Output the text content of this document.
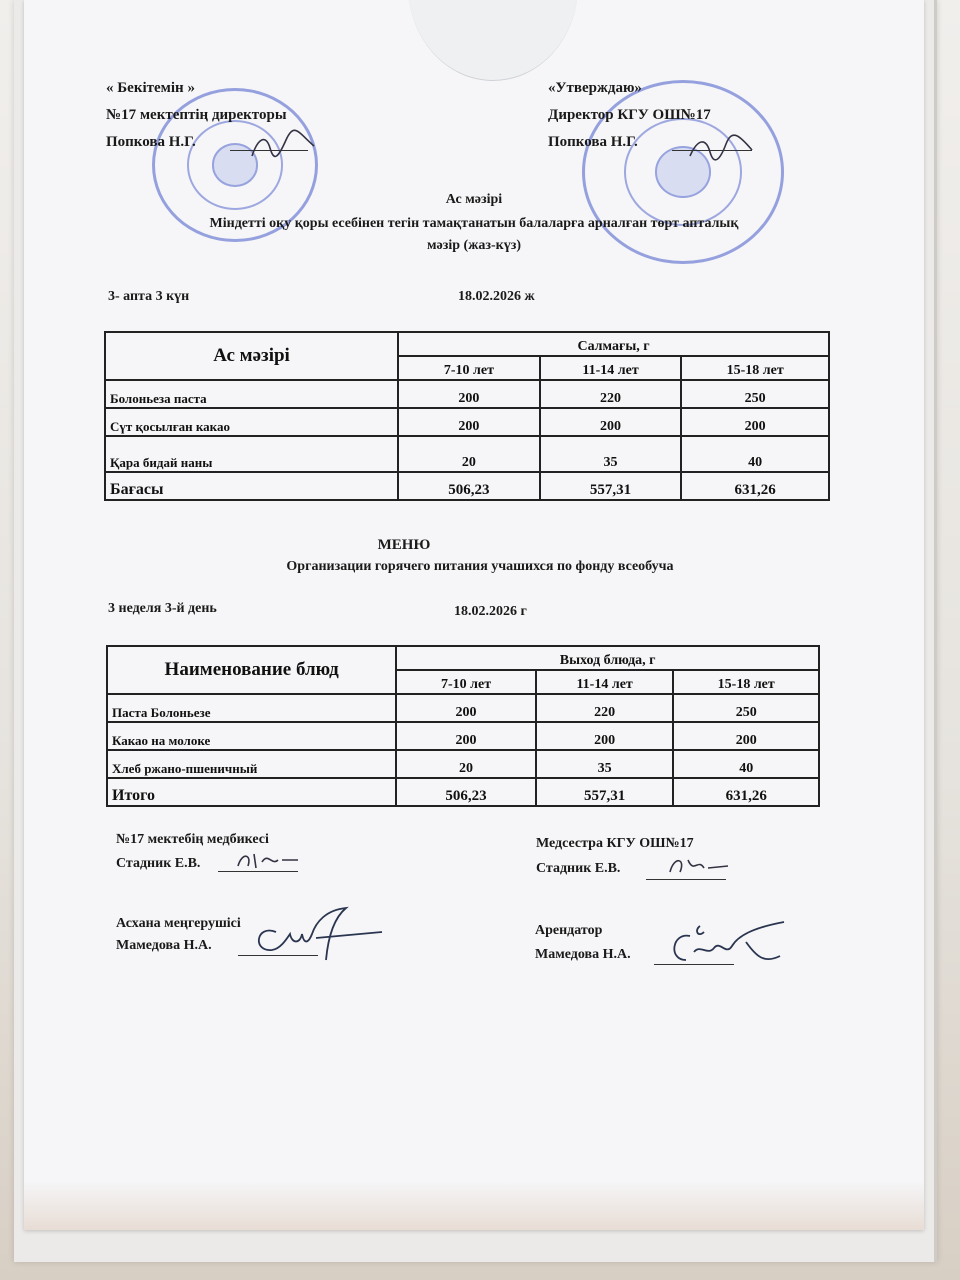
« Бекітемін »
№17 мектептің директоры
Попкова Н.Г.
«Утверждаю»
Директор КГУ ОШ№17
Попкова Н.Г.
Ас мәзірі
Міндетті оқу қоры есебінен тегін тамақтанатын балаларға арналған төрт апталық
мәзір (жаз-күз)
3- апта 3 күн	18.02.2026 ж
Ас мәзірі	Салмағы, г		
	7-10 лет	11-14 лет	15-18 лет
Болоньеза паста	200	220	250
Сүт қосылған какао	200	200	200
Қара бидай наны	20	35	40
Бағасы	506,23	557,31	631,26
МЕНЮ
Организации горячего питания учашихся по фонду всеобуча
3 неделя 3-й день	18.02.2026 г
Наименование блюд	Выход блюда, г		
	7-10 лет	11-14 лет	15-18 лет
Паста Болоньезе	200	220	250
Какао на молоке	200	200	200
Хлеб ржано-пшеничный	20	35	40
Итого	506,23	557,31	631,26
№17 мектебің медбикесі
Стадник Е.В.
Медсестра КГУ ОШ№17
Стадник Е.В.
Асхана меңгерушісі
Мамедова Н.А.
Арендатор
Мамедова Н.А.
